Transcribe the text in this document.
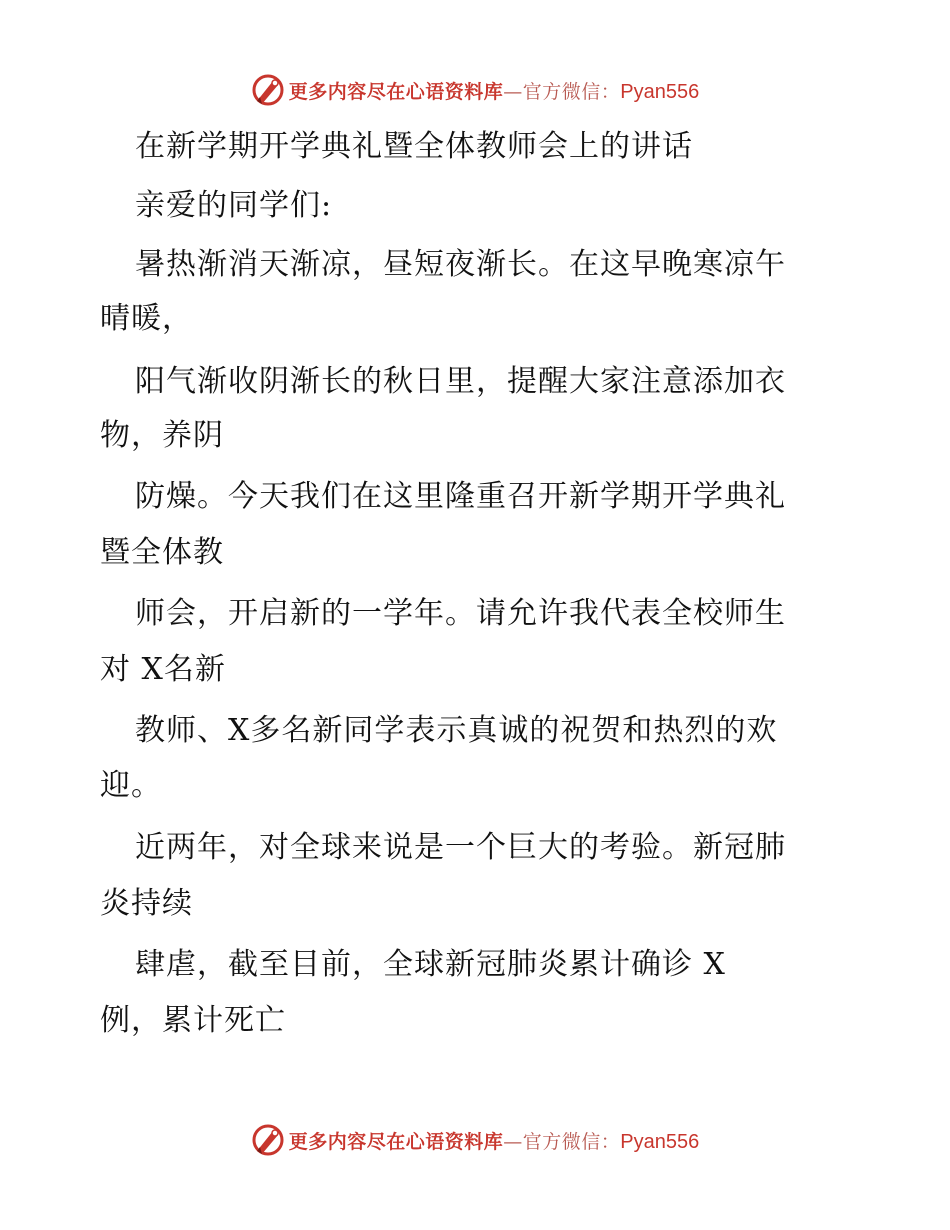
更多内容尽在心语资料库 —官方微信： Pyan556
在新学期开学典礼暨全体教师会上的讲话
亲爱的同学们:
暑热渐消天渐凉，昼短夜渐长。在这早晚寒凉午
晴暖，
阳气渐收阴渐长的秋日里，提醒大家注意添加衣
物，养阴
防燥。今天我们在这里隆重召开新学期开学典礼
暨全体教
师会，开启新的一学年。请允许我代表全校师生
对 X名新
教师、X多名新同学表示真诚的祝贺和热烈的欢
迎。
近两年，对全球来说是一个巨大的考验。新冠肺
炎持续
肆虐，截至目前，全球新冠肺炎累计确诊 X
例，累计死亡
更多内容尽在心语资料库 —官方微信： Pyan556
